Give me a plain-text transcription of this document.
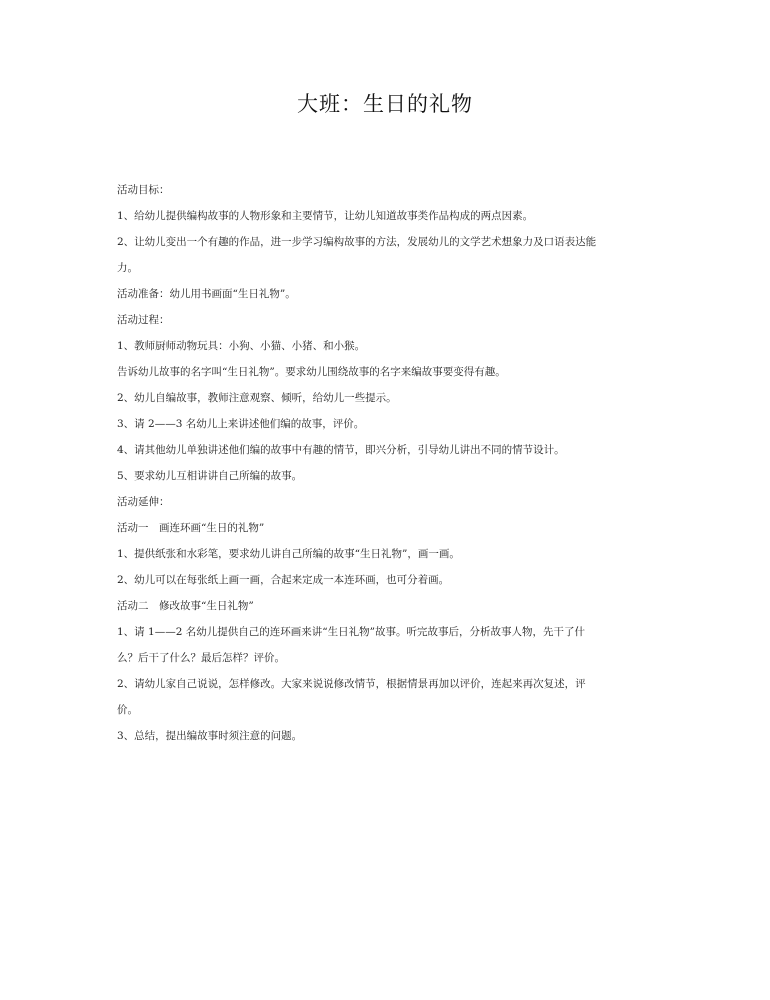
大班：生日的礼物

活动目标：

1、给幼儿提供编构故事的人物形象和主要情节，让幼儿知道故事类作品构成的两点因素。

2、让幼儿变出一个有趣的作品，进一步学习编构故事的方法，发展幼儿的文学艺术想象力及口语表达能

力。

活动准备：幼儿用书画面“生日礼物”。

活动过程：

1、教师厨师动物玩具：小狗、小猫、小猪、和小猴。

告诉幼儿故事的名字叫“生日礼物”。要求幼儿围绕故事的名字来编故事要变得有趣。

2、幼儿自编故事，教师注意观察、倾听，给幼儿一些提示。

3、请 2——3 名幼儿上来讲述他们编的故事，评价。

4、请其他幼儿单独讲述他们编的故事中有趣的情节，即兴分析，引导幼儿讲出不同的情节设计。

5、要求幼儿互相讲讲自己所编的故事。

活动延伸：

活动一　画连环画“生日的礼物”

1、提供纸张和水彩笔，要求幼儿讲自己所编的故事“生日礼物”，画一画。

2、幼儿可以在每张纸上画一画，合起来定成一本连环画，也可分着画。

活动二　修改故事“生日礼物”

1、请 1——2 名幼儿提供自己的连环画来讲“生日礼物”故事。听完故事后，分析故事人物，先干了什

么？后干了什么？最后怎样？评价。

2、请幼儿家自己说说，怎样修改。大家来说说修改情节，根据情景再加以评价，连起来再次复述，评

价。

3、总结，提出编故事时须注意的问题。
